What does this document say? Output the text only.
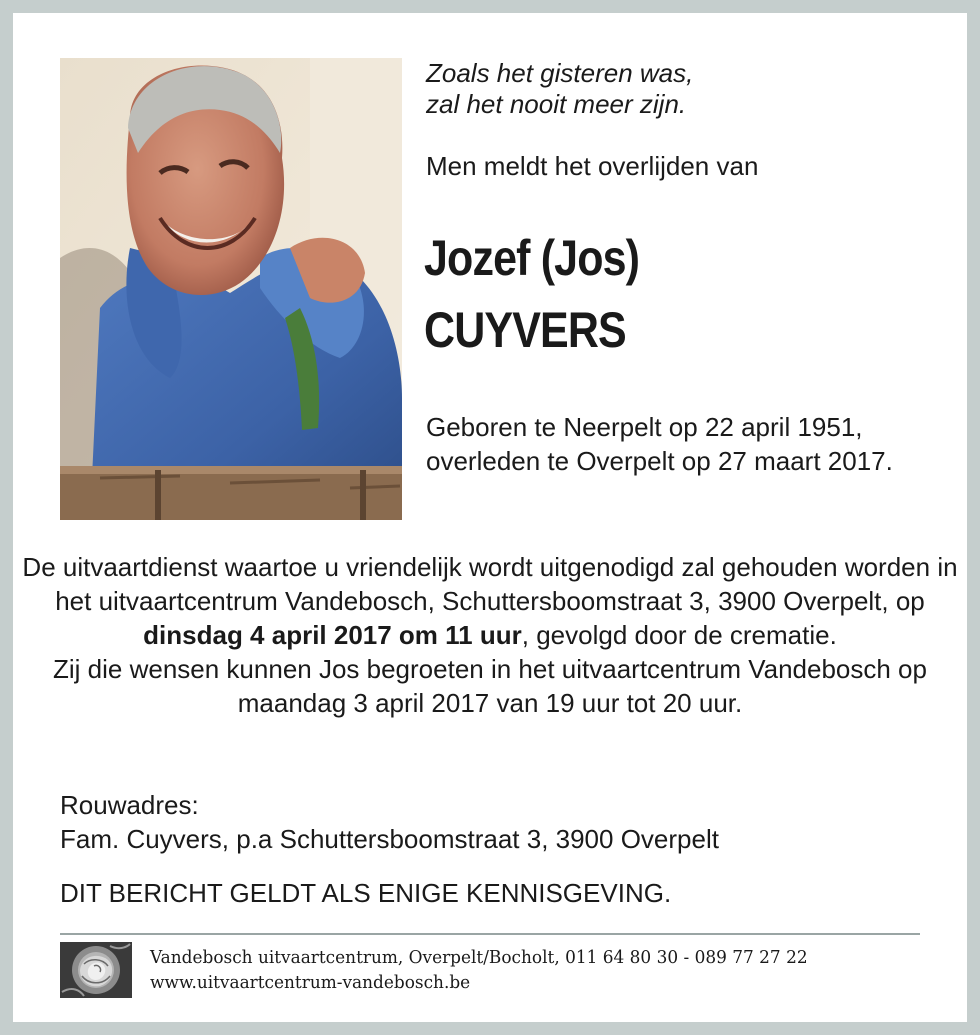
Zoals het gisteren was,
zal het nooit meer zijn.

Men meldt het overlijden van

Jozef (Jos)
CUYVERS

Geboren te Neerpelt op 22 april 1951, overleden te Overpelt op 27 maart 2017.

De uitvaartdienst waartoe u vriendelijk wordt uitgenodigd zal gehouden worden in het uitvaartcentrum Vandebosch, Schuttersboomstraat 3, 3900 Overpelt, op dinsdag 4 april 2017 om 11 uur, gevolgd door de crematie.
Zij die wensen kunnen Jos begroeten in het uitvaartcentrum Vandebosch op maandag 3 april 2017 van 19 uur tot 20 uur.

Rouwadres:
Fam. Cuyvers, p.a Schuttersboomstraat 3, 3900 Overpelt

DIT BERICHT GELDT ALS ENIGE KENNISGEVING.

Vandebosch uitvaartcentrum, Overpelt/Bocholt, 011 64 80 30 - 089 77 27 22
www.uitvaartcentrum-vandebosch.be
